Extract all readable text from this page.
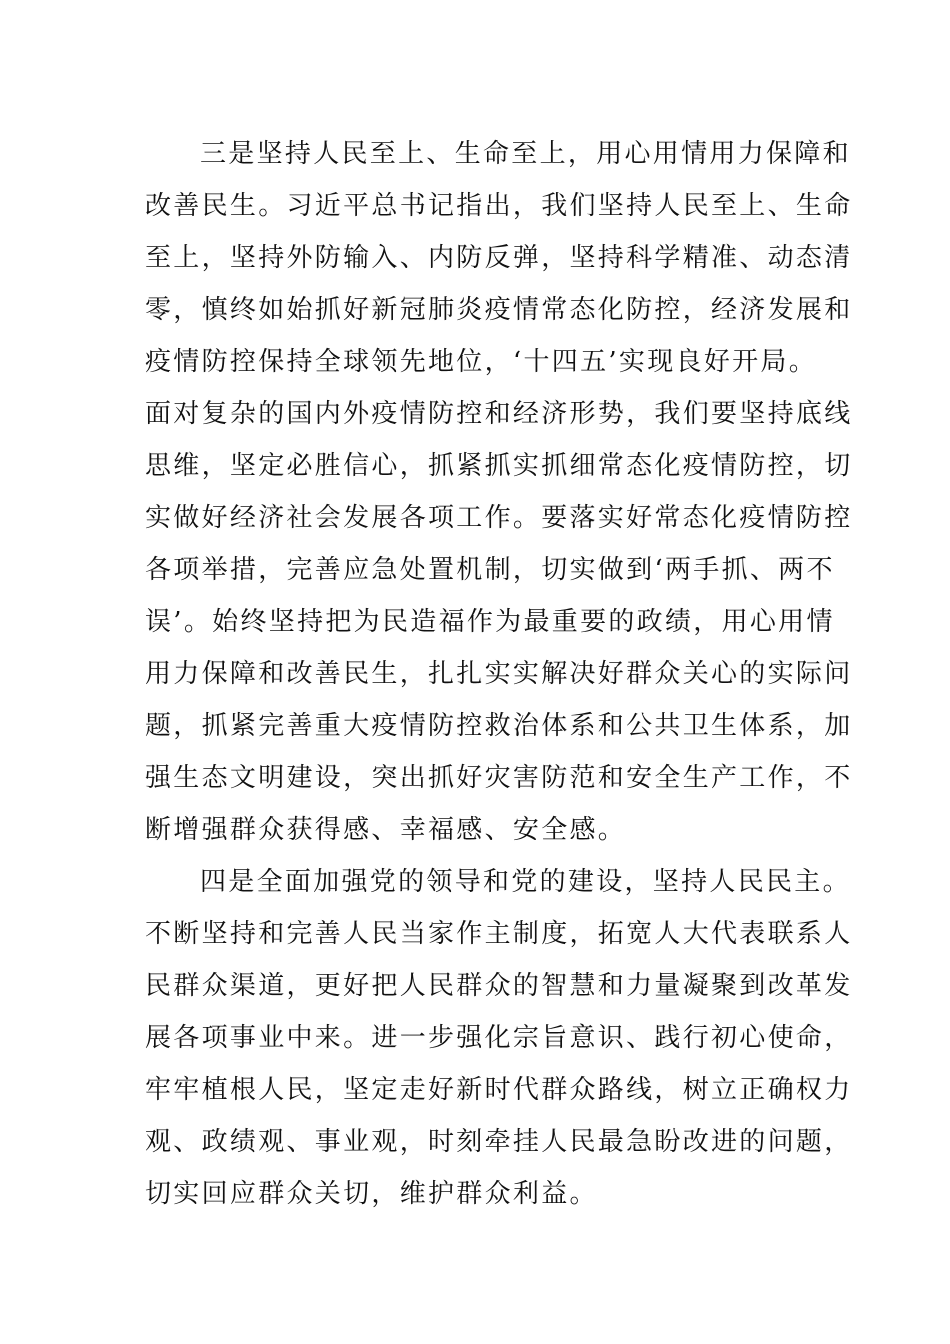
三是坚持人民至上、生命至上，用心用情用力保障和
改善民生。习近平总书记指出，我们坚持人民至上、生命
至上，坚持外防输入、内防反弹，坚持科学精准、动态清
零，慎终如始抓好新冠肺炎疫情常态化防控，经济发展和
疫情防控保持全球领先地位，‘十四五’实现良好开局。
面对复杂的国内外疫情防控和经济形势，我们要坚持底线
思维，坚定必胜信心，抓紧抓实抓细常态化疫情防控，切
实做好经济社会发展各项工作。要落实好常态化疫情防控
各项举措，完善应急处置机制，切实做到‘两手抓、两不
误’。始终坚持把为民造福作为最重要的政绩，用心用情
用力保障和改善民生，扎扎实实解决好群众关心的实际问
题，抓紧完善重大疫情防控救治体系和公共卫生体系，加
强生态文明建设，突出抓好灾害防范和安全生产工作，不
断增强群众获得感、幸福感、安全感。

四是全面加强党的领导和党的建设，坚持人民民主。
不断坚持和完善人民当家作主制度，拓宽人大代表联系人
民群众渠道，更好把人民群众的智慧和力量凝聚到改革发
展各项事业中来。进一步强化宗旨意识、践行初心使命，
牢牢植根人民，坚定走好新时代群众路线，树立正确权力
观、政绩观、事业观，时刻牵挂人民最急盼改进的问题，
切实回应群众关切，维护群众利益。
